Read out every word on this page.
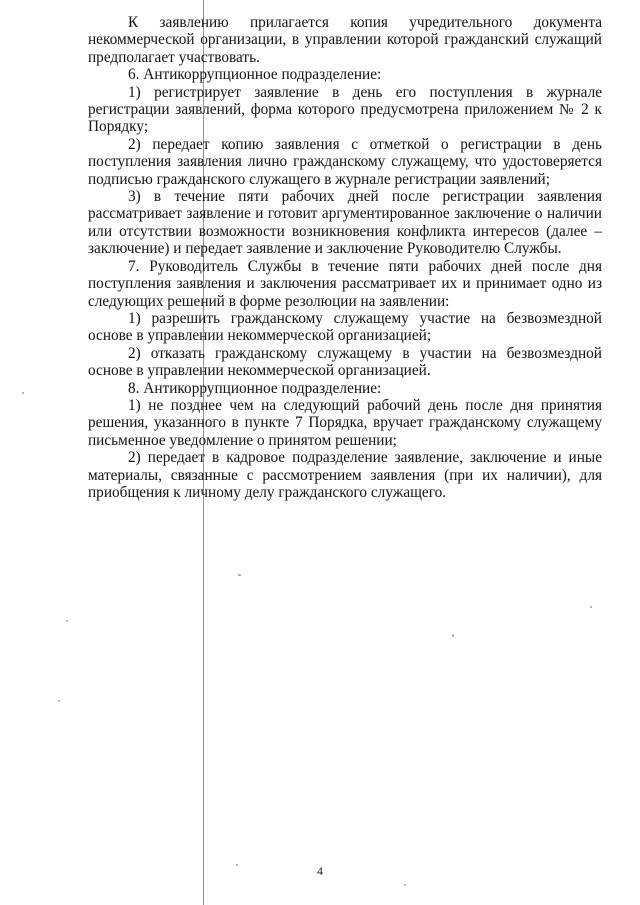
К заявлению прилагается копия учредительного документа некоммерческой организации, в управлении которой гражданский служащий предполагает участвовать.

6. Антикоррупционное подразделение:

1) регистрирует заявление в день его поступления в журнале регистрации заявлений, форма которого предусмотрена приложением № 2 к Порядку;

2) передает копию заявления с отметкой о регистрации в день поступления заявления лично гражданскому служащему, что удостоверяется подписью гражданского служащего в журнале регистрации заявлений;

3) в течение пяти рабочих дней после регистрации заявления рассматривает заявление и готовит аргументированное заключение о наличии или отсутствии возможности возникновения конфликта интересов (далее – заключение) и передает заявление и заключение Руководителю Службы.

7. Руководитель Службы в течение пяти рабочих дней после дня поступления заявления и заключения рассматривает их и принимает одно из следующих решений в форме резолюции на заявлении:

1) разрешить гражданскому служащему участие на безвозмездной основе в управлении некоммерческой организацией;

2) отказать гражданскому служащему в участии на безвозмездной основе в управлении некоммерческой организацией.

8. Антикоррупционное подразделение:

1) не позднее чем на следующий рабочий день после дня принятия решения, указанного в пункте 7 Порядка, вручает гражданскому служащему письменное уведомление о принятом решении;

2) передает в кадровое подразделение заявление, заключение и иные материалы, связанные с рассмотрением заявления (при их наличии), для приобщения к личному делу гражданского служащего.

4
